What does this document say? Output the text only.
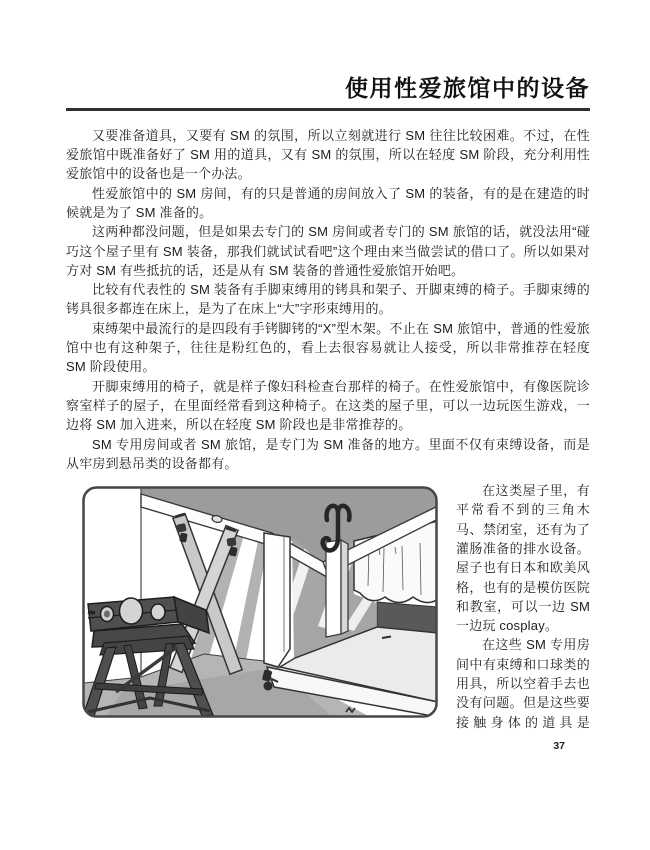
使用性爱旅馆中的设备

又要准备道具，又要有 SM 的氛围，所以立刻就进行 SM 往往比较困难。不过，在性爱旅馆中既准备好了 SM 用的道具，又有 SM 的氛围，所以在轻度 SM 阶段，充分利用性爱旅馆中的设备也是一个办法。

性爱旅馆中的 SM 房间，有的只是普通的房间放入了 SM 的装备，有的是在建造的时候就是为了 SM 准备的。

这两种都没问题，但是如果去专门的 SM 房间或者专门的 SM 旅馆的话，就没法用“碰巧这个屋子里有 SM 装备，那我们就试试看吧”这个理由来当做尝试的借口了。所以如果对方对 SM 有些抵抗的话，还是从有 SM 装备的普通性爱旅馆开始吧。

比较有代表性的 SM 装备有手脚束缚用的铐具和架子、开脚束缚的椅子。手脚束缚的铐具很多都连在床上，是为了在床上“大”字形束缚用的。

束缚架中最流行的是四段有手铐脚铐的“X”型木架。不止在 SM 旅馆中，普通的性爱旅馆中也有这种架子，往往是粉红色的，看上去很容易就让人接受，所以非常推荐在轻度 SM 阶段使用。

开脚束缚用的椅子，就是样子像妇科检查台那样的椅子。在性爱旅馆中，有像医院诊察室样子的屋子，在里面经常看到这种椅子。在这类的屋子里，可以一边玩医生游戏，一边将 SM 加入进来，所以在轻度 SM 阶段也是非常推荐的。

SM 专用房间或者 SM 旅馆，是专门为 SM 准备的地方。里面不仅有束缚设备，而是从牢房到悬吊类的设备都有。

在这类屋子里，有平常看不到的三角木马、禁闭室，还有为了灌肠准备的排水设备。屋子也有日本和欧美风格，也有的是模仿医院和教室，可以一边 SM 一边玩 cosplay。

在这些 SM 专用房间中有束缚和口球类的用具，所以空着手去也没有问题。但是这些要接触身体的道具是

37
